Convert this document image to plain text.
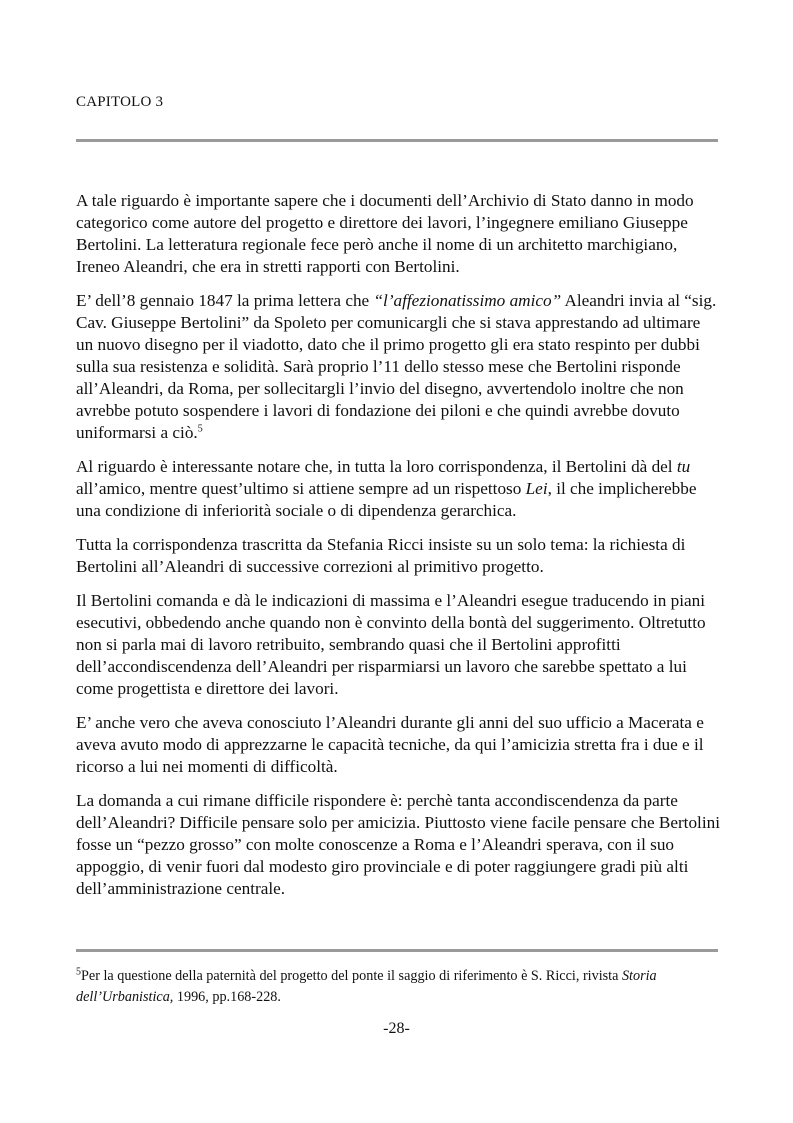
CAPITOLO 3

A tale riguardo è importante sapere che i documenti dell’Archivio di Stato danno in modo categorico come autore del progetto e direttore dei lavori, l’ingegnere emiliano Giuseppe Bertolini. La letteratura regionale fece però anche il nome di un architetto marchigiano, Ireneo Aleandri, che era in stretti rapporti con Bertolini.

E’ dell’8 gennaio 1847 la prima lettera che “l’affezionatissimo amico” Aleandri invia al “sig. Cav. Giuseppe Bertolini” da Spoleto per comunicargli che si stava apprestando ad ultimare un nuovo disegno per il viadotto, dato che il primo progetto gli era stato respinto per dubbi sulla sua resistenza e solidità. Sarà proprio l’11 dello stesso mese che Bertolini risponde all’Aleandri, da Roma, per sollecitargli l’invio del disegno, avvertendolo inoltre che non avrebbe potuto sospendere i lavori di fondazione dei piloni e che quindi avrebbe dovuto uniformarsi a ciò.$^5$

Al riguardo è interessante notare che, in tutta la loro corrispondenza, il Bertolini dà del tu all’amico, mentre quest’ultimo si attiene sempre ad un rispettoso Lei, il che implicherebbe una condizione di inferiorità sociale o di dipendenza gerarchica.

Tutta la corrispondenza trascritta da Stefania Ricci insiste su un solo tema: la richiesta di Bertolini all’Aleandri di successive correzioni al primitivo progetto.

Il Bertolini comanda e dà le indicazioni di massima e l’Aleandri esegue traducendo in piani esecutivi, obbedendo anche quando non è convinto della bontà del suggerimento. Oltretutto non si parla mai di lavoro retribuito, sembrando quasi che il Bertolini approfitti dell’accondiscendenza dell’Aleandri per risparmiarsi un lavoro che sarebbe spettato a lui come progettista e direttore dei lavori.

E’ anche vero che aveva conosciuto l’Aleandri durante gli anni del suo ufficio a Macerata e aveva avuto modo di apprezzarne le capacità tecniche, da qui l’amicizia stretta fra i due e il ricorso a lui nei momenti di difficoltà.

La domanda a cui rimane difficile rispondere è: perchè tanta accondiscendenza da parte dell’Aleandri? Difficile pensare solo per amicizia. Piuttosto viene facile pensare che Bertolini fosse un “pezzo grosso” con molte conoscenze a Roma e l’Aleandri sperava, con il suo appoggio, di venir fuori dal modesto giro provinciale e di poter raggiungere gradi più alti dell’amministrazione centrale.

$^5$Per la questione della paternità del progetto del ponte il saggio di riferimento è S. Ricci, rivista Storia dell’Urbanistica, 1996, pp.168-228.
-28-
